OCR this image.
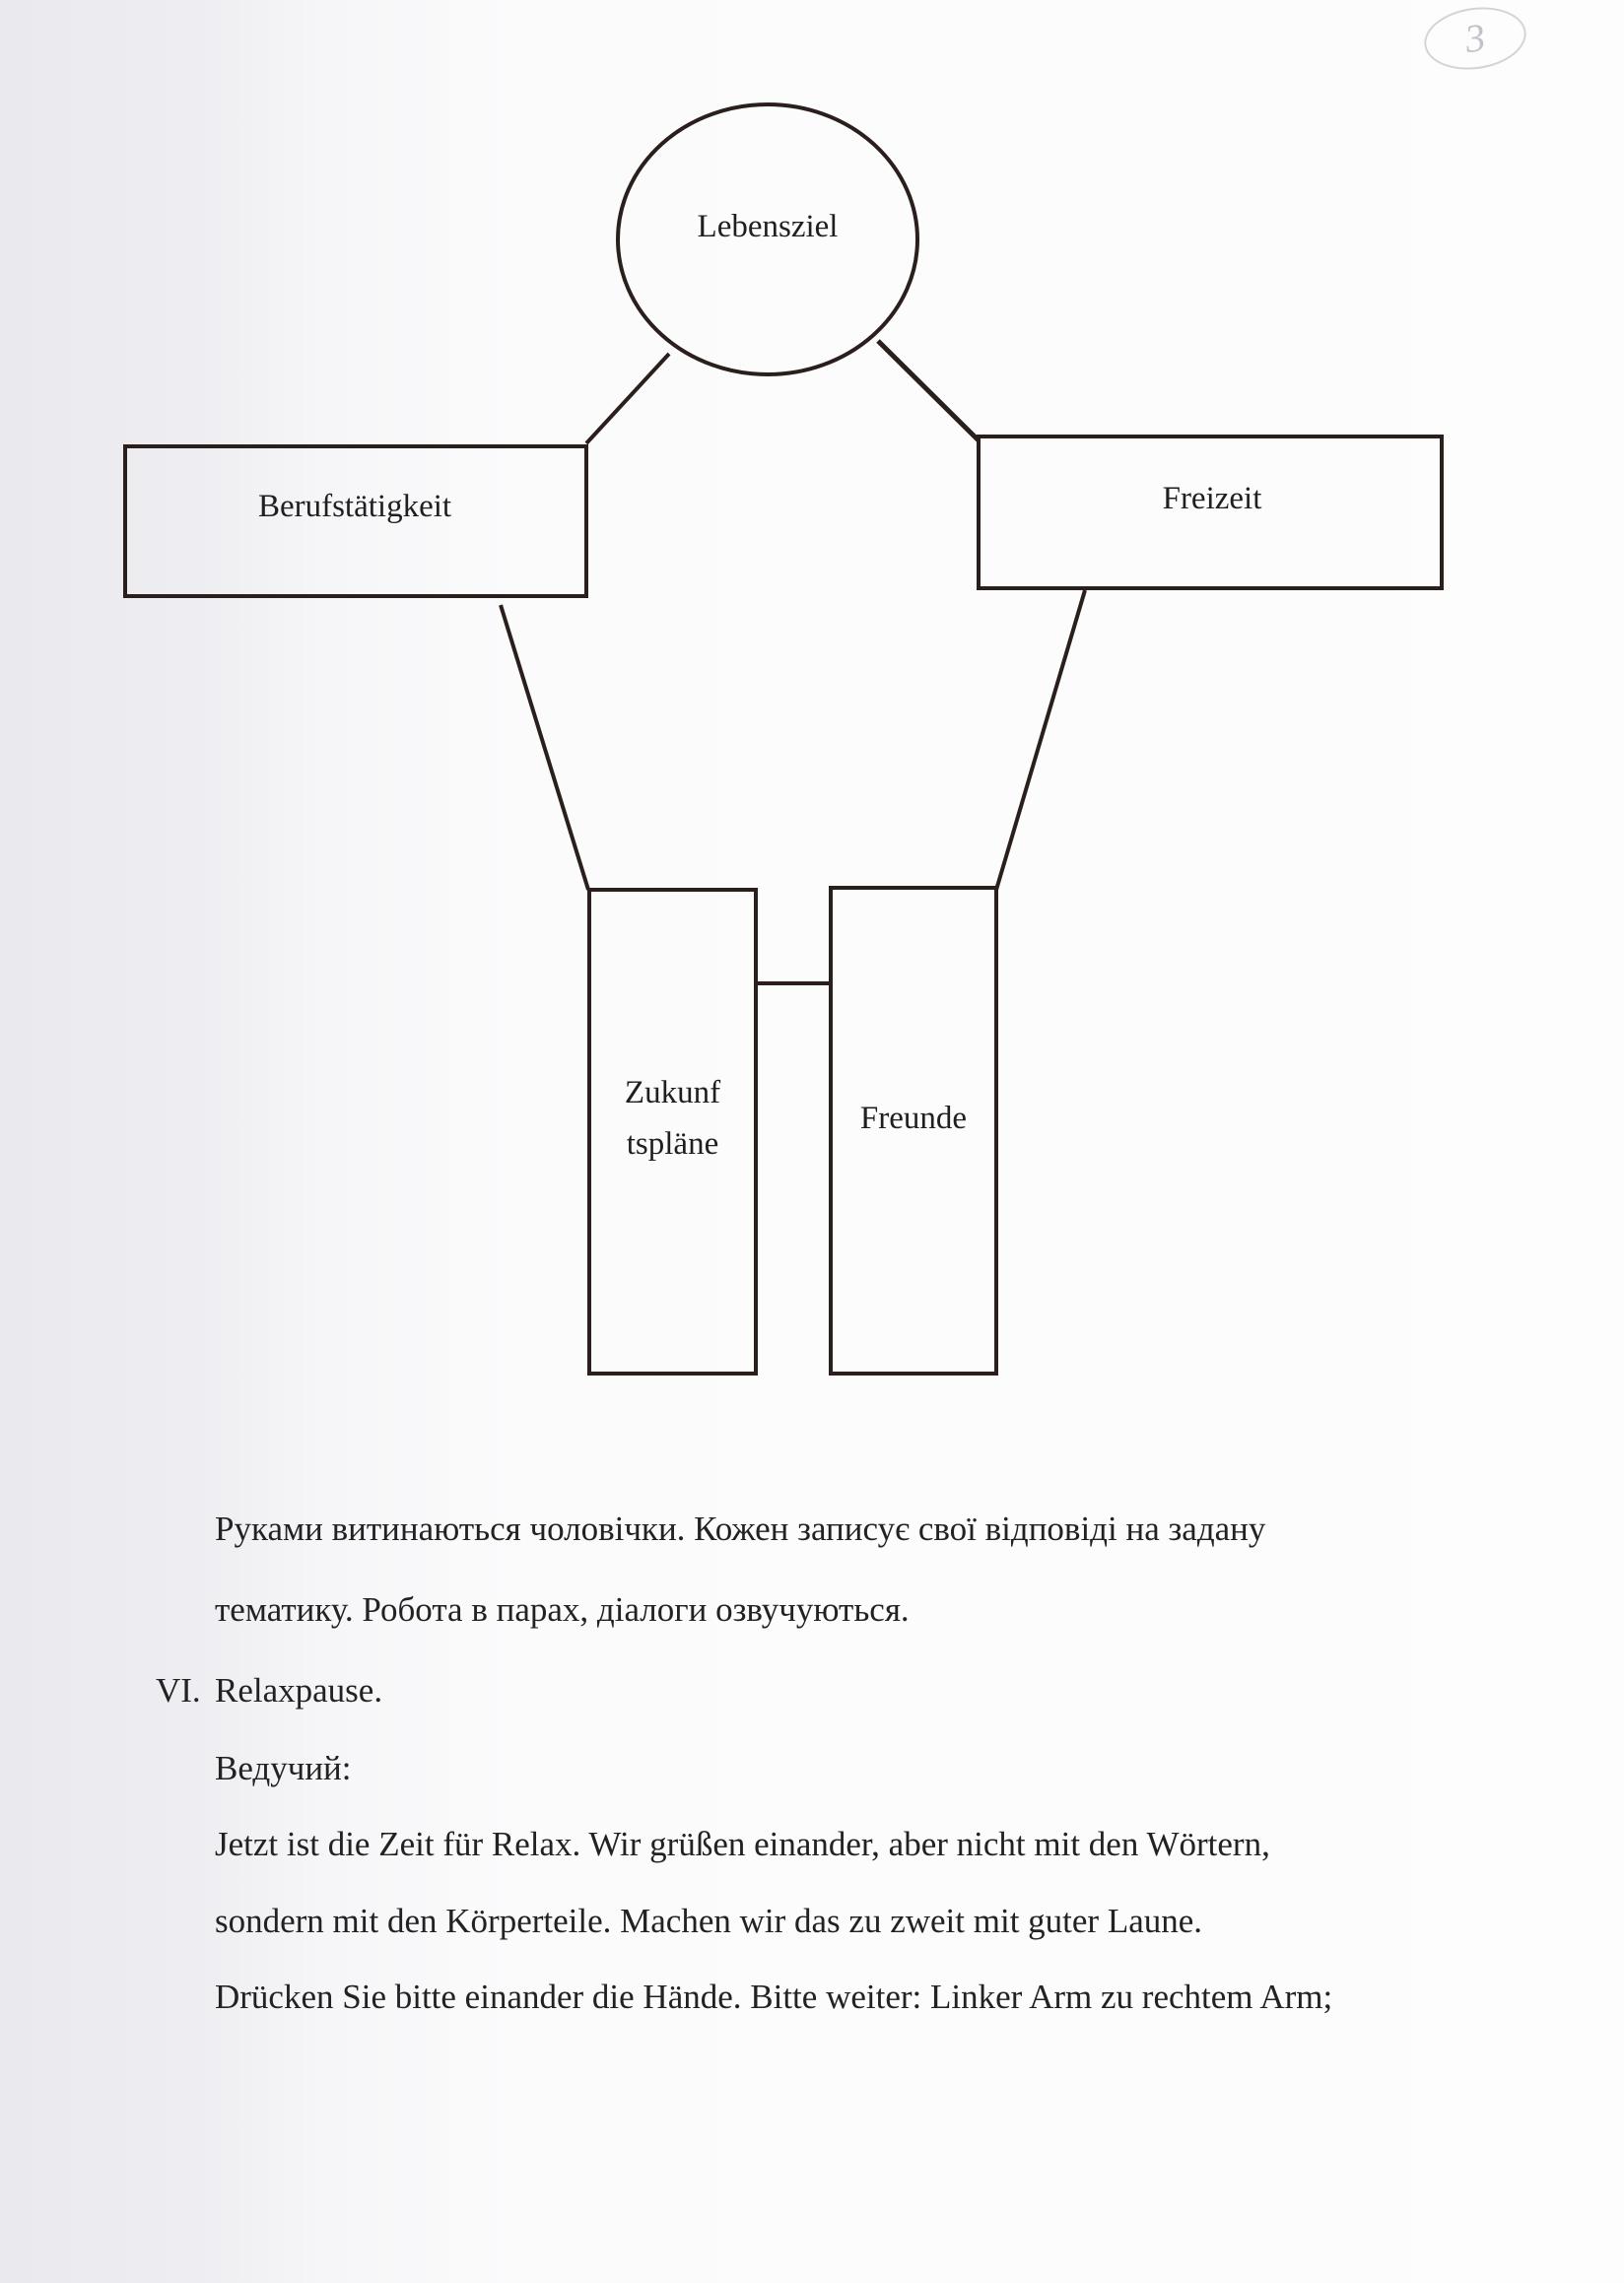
3
Lebensziel
Berufstätigkeit	Freizeit
Zukunf
tspläne
Freunde
Руками витинаються чоловічки. Кожен записує свої відповіді на задану
тематику. Робота в парах, діалоги озвучуються.
VI. Relaxpause.
Ведучий:
Jetzt ist die Zeit für Relax. Wir grüßen einander, aber nicht mit den Wörtern,
sondern mit den Körperteile. Machen wir das zu zweit mit guter Laune.
Drücken Sie bitte einander die Hände. Bitte weiter: Linker Arm zu rechtem Arm;
